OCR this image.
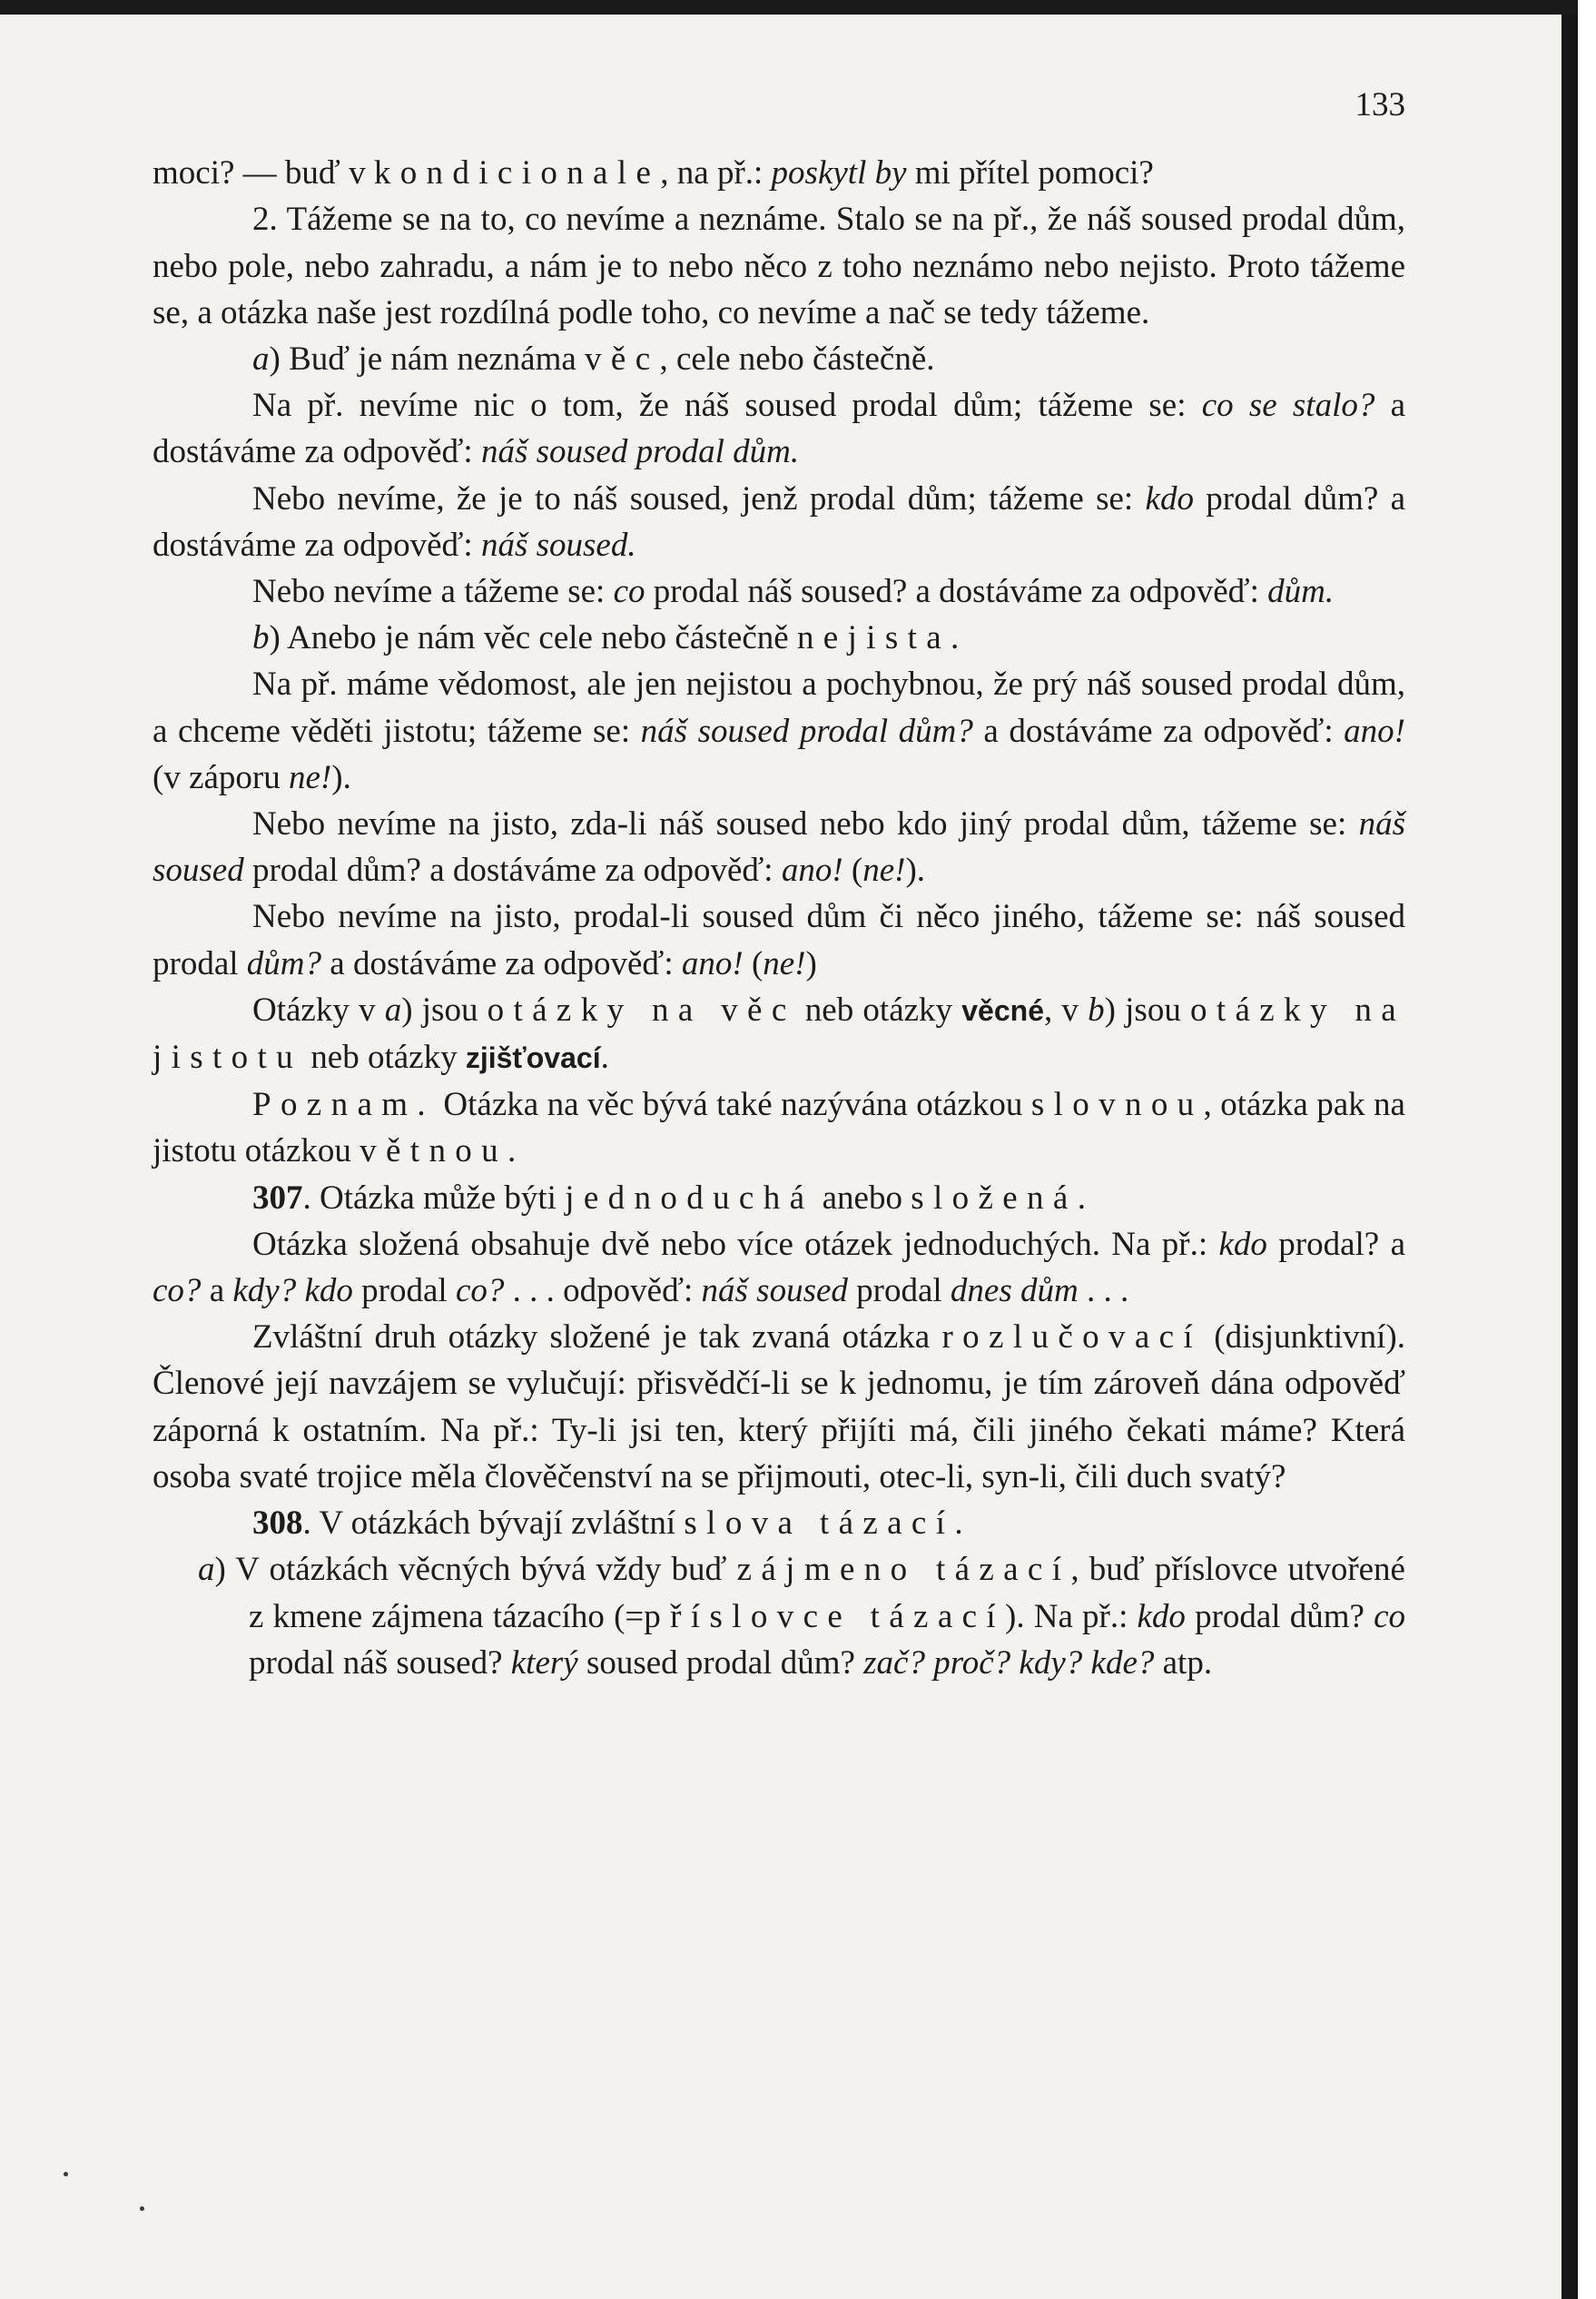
133

moci? — buď v kondicionale, na př.: poskytl by mi přítel pomoci?

2. Tážeme se na to, co nevíme a neznáme. Stalo se na př., že náš soused prodal dům, nebo pole, nebo zahradu, a nám je to nebo něco z toho neznámo nebo nejisto. Proto tážeme se, a otázka naše jest rozdílná podle toho, co nevíme a nač se tedy tážeme.

a) Buď je nám neznáma věc, cele nebo částečně.

Na př. nevíme nic o tom, že náš soused prodal dům; tážeme se: co se stalo? a dostáváme za odpověď: náš soused prodal dům.

Nebo nevíme, že je to náš soused, jenž prodal dům; tážeme se: kdo prodal dům? a dostáváme za odpověď: náš soused.

Nebo nevíme a tážeme se: co prodal náš soused? a dostáváme za odpověď: dům.

b) Anebo je nám věc cele nebo částečně nejista.

Na př. máme vědomost, ale jen nejistou a pochybnou, že prý náš soused prodal dům, a chceme věděti jistotu; tážeme se: náš soused prodal dům? a dostáváme za odpověď: ano! (v záporu ne!).

Nebo nevíme na jisto, zda-li náš soused nebo kdo jiný prodal dům, tážeme se: náš soused prodal dům? a dostáváme za odpověď: ano! (ne!).

Nebo nevíme na jisto, prodal-li soused dům či něco jiného, tážeme se: náš soused prodal dům? a dostáváme za odpověď: ano! (ne!)

Otázky v a) jsou otázky na věc neb otázky věcné, v b) jsou otázky na jistotu neb otázky zjišťovací.

Poznam. Otázka na věc bývá také nazývána otázkou slovnou, otázka pak na jistotu otázkou větnou.

307. Otázka může býti jednoduchá anebo složená.

Otázka složená obsahuje dvě nebo více otázek jednoduchých. Na př.: kdo prodal? a co? a kdy? kdo prodal co? . . . odpověď: náš soused prodal dnes dům . . .

Zvláštní druh otázky složené je tak zvaná otázka rozlučovací (disjunktivní). Členové její navzájem se vylučují: přisvědčí-li se k jednomu, je tím zároveň dána odpověď záporná k ostatním. Na př.: Ty-li jsi ten, který přijíti má, čili jiného čekati máme? Která osoba svaté trojice měla člověčenství na se přijmouti, otec-li, syn-li, čili duch svatý?

308. V otázkách bývají zvláštní slova tázací.

a) V otázkách věcných bývá vždy buď zájmeno tázací, buď příslovce utvořené z kmene zájmena tázacího (=příslovce tázací). Na př.: kdo prodal dům? co prodal náš soused? který soused prodal dům? zač? proč? kdy? kde? atp.
